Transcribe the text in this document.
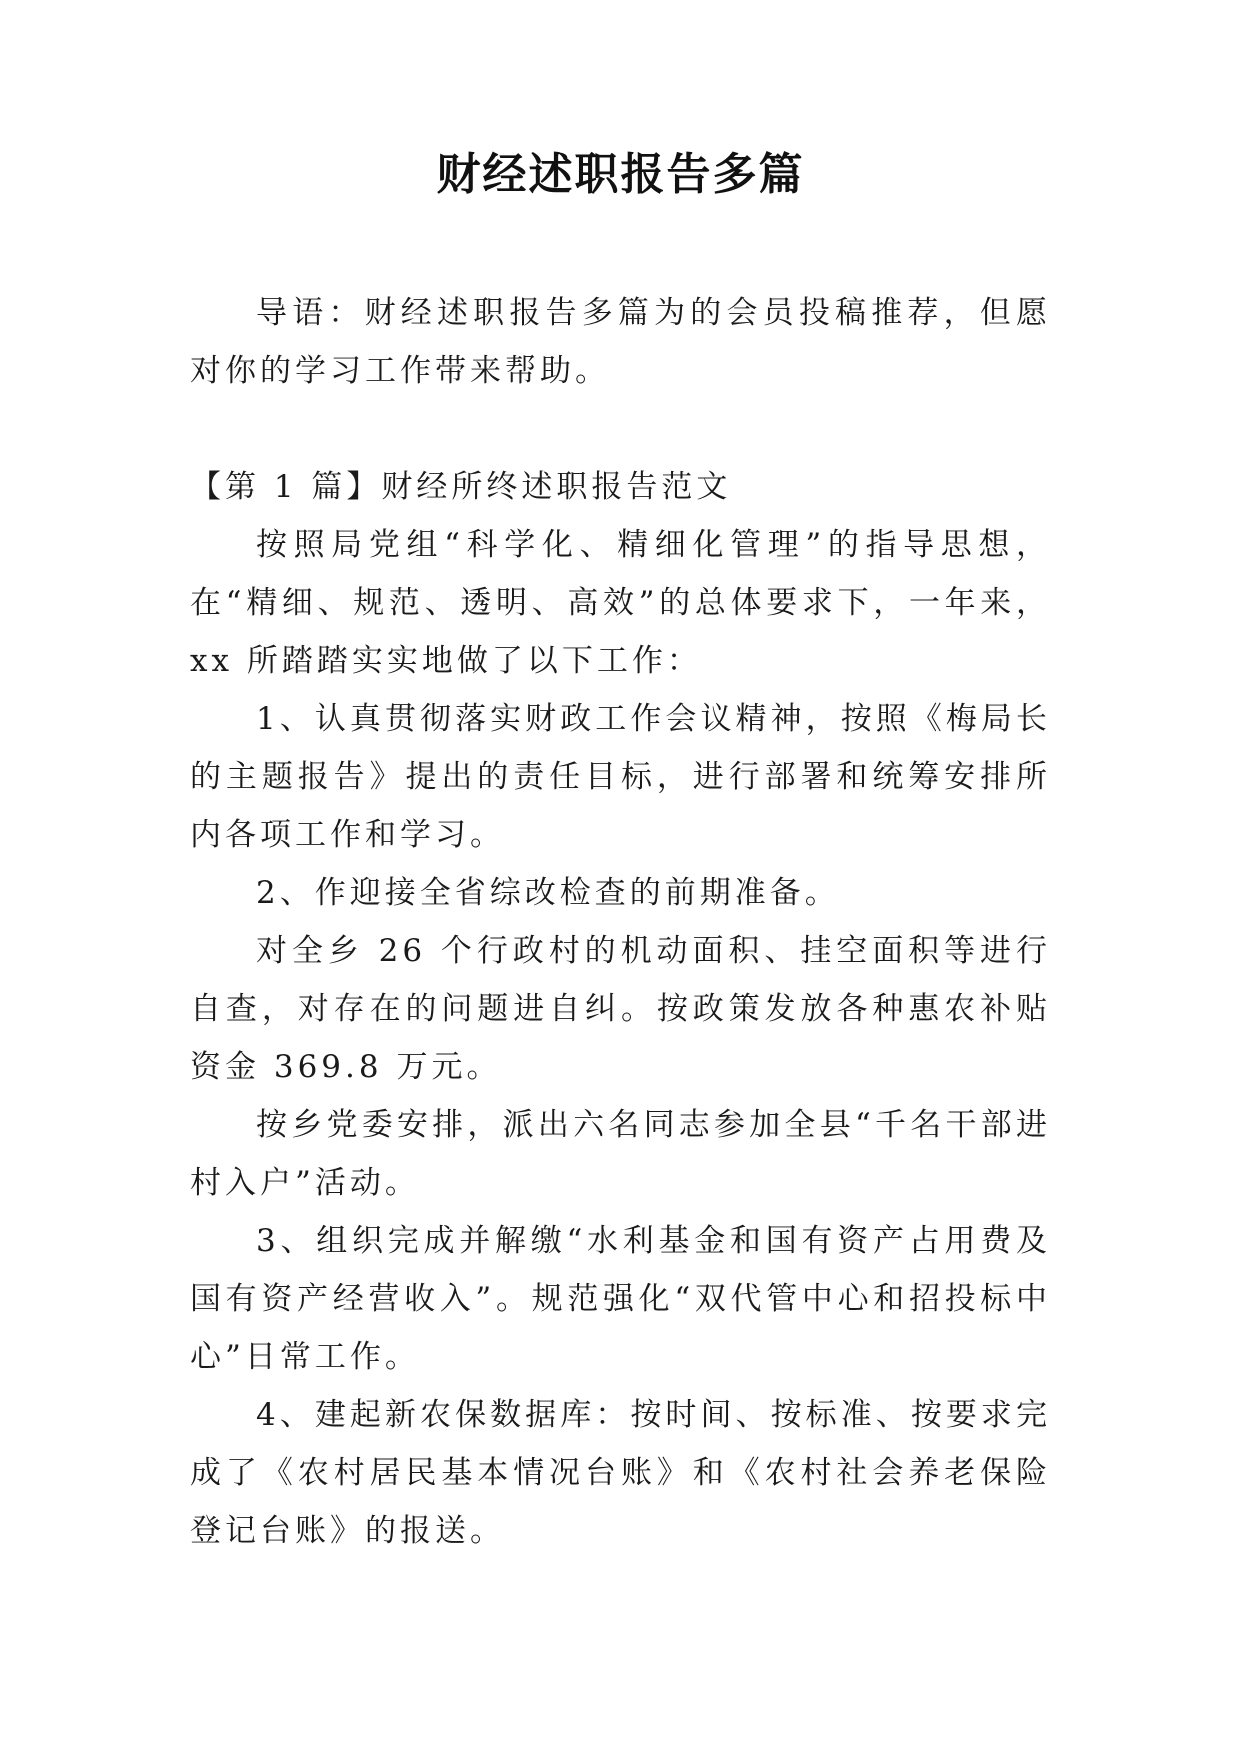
财经述职报告多篇

导语：财经述职报告多篇为的会员投稿推荐，但愿对你的学习工作带来帮助。

【第 1 篇】财经所终述职报告范文

按照局党组“科学化、精细化管理”的指导思想，在“精细、规范、透明、高效”的总体要求下，一年来，xx 所踏踏实实地做了以下工作：

1、认真贯彻落实财政工作会议精神，按照《梅局长的主题报告》提出的责任目标，进行部署和统筹安排所内各项工作和学习。

2、作迎接全省综改检查的前期准备。

对全乡 26 个行政村的机动面积、挂空面积等进行自查，对存在的问题进自纠。按政策发放各种惠农补贴资金 369.8 万元。

按乡党委安排，派出六名同志参加全县“千名干部进村入户”活动。

3、组织完成并解缴“水利基金和国有资产占用费及国有资产经营收入”。规范强化“双代管中心和招投标中心”日常工作。

4、建起新农保数据库：按时间、按标准、按要求完成了《农村居民基本情况台账》和《农村社会养老保险登记台账》的报送。
